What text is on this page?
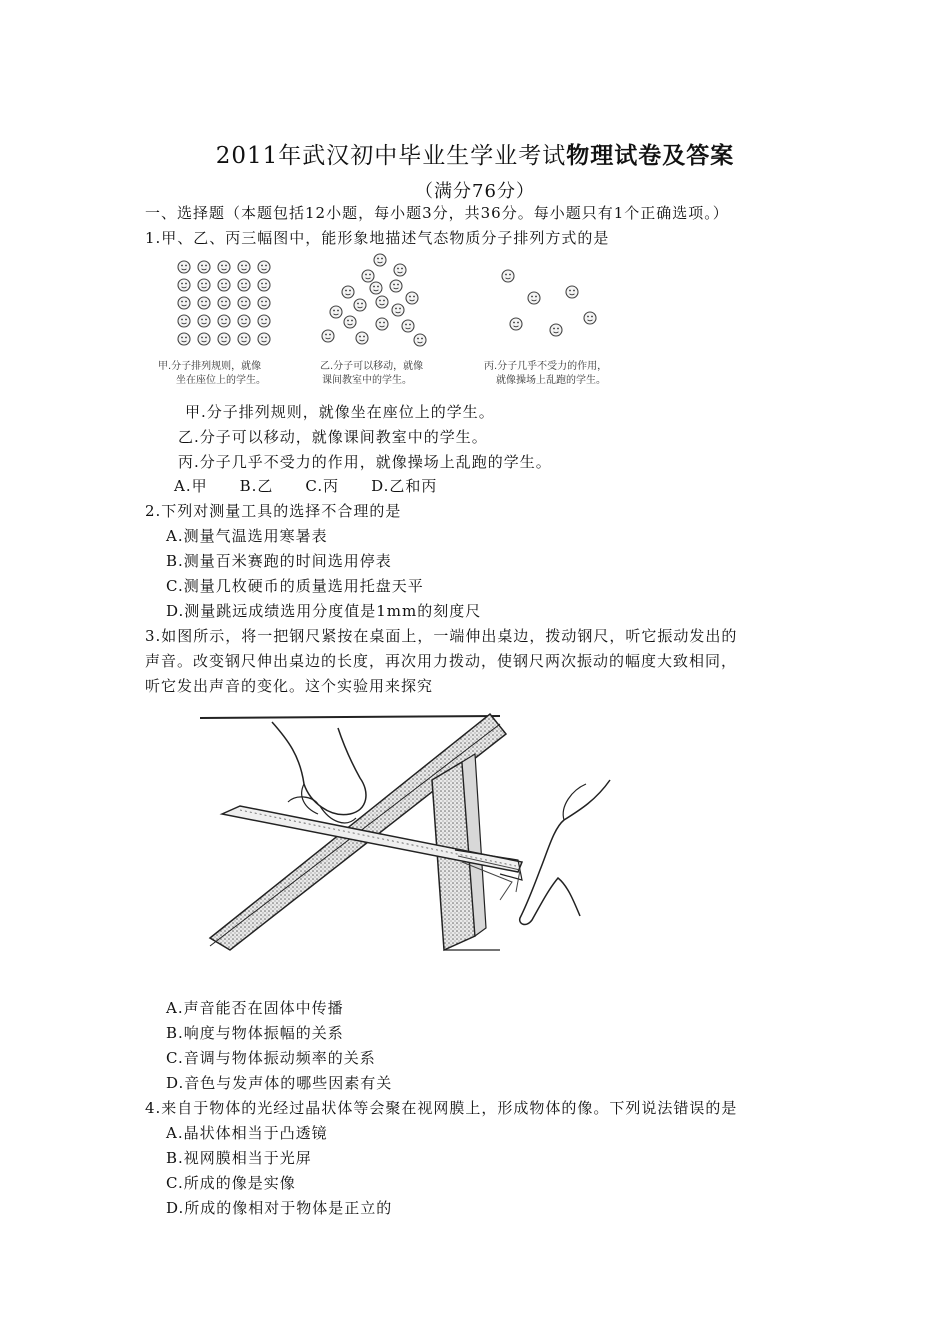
2011年武汉初中毕业生学业考试物理试卷及答案
（满分76分）
一、选择题（本题包括12小题，每小题3分，共36分。每小题只有1个正确选项。）
1.甲、乙、丙三幅图中，能形象地描述气态物质分子排列方式的是
甲.分子排列规则，就像
坐在座位上的学生。
乙.分子可以移动，就像
课间教室中的学生。
丙.分子几乎不受力的作用，
就像操场上乱跑的学生。
甲.分子排列规则，就像坐在座位上的学生。
乙.分子可以移动，就像课间教室中的学生。
丙.分子几乎不受力的作用，就像操场上乱跑的学生。
A.甲　　B.乙　　C.丙　　D.乙和丙
2.下列对测量工具的选择不合理的是
A.测量气温选用寒暑表
B.测量百米赛跑的时间选用停表
C.测量几枚硬币的质量选用托盘天平
D.测量跳远成绩选用分度值是1mm的刻度尺
3.如图所示，将一把钢尺紧按在桌面上，一端伸出桌边，拨动钢尺，听它振动发出的
声音。改变钢尺伸出桌边的长度，再次用力拨动，使钢尺两次振动的幅度大致相同，
听它发出声音的变化。这个实验用来探究
A.声音能否在固体中传播
B.响度与物体振幅的关系
C.音调与物体振动频率的关系
D.音色与发声体的哪些因素有关
4.来自于物体的光经过晶状体等会聚在视网膜上，形成物体的像。下列说法错误的是
A.晶状体相当于凸透镜
B.视网膜相当于光屏
C.所成的像是实像
D.所成的像相对于物体是正立的
